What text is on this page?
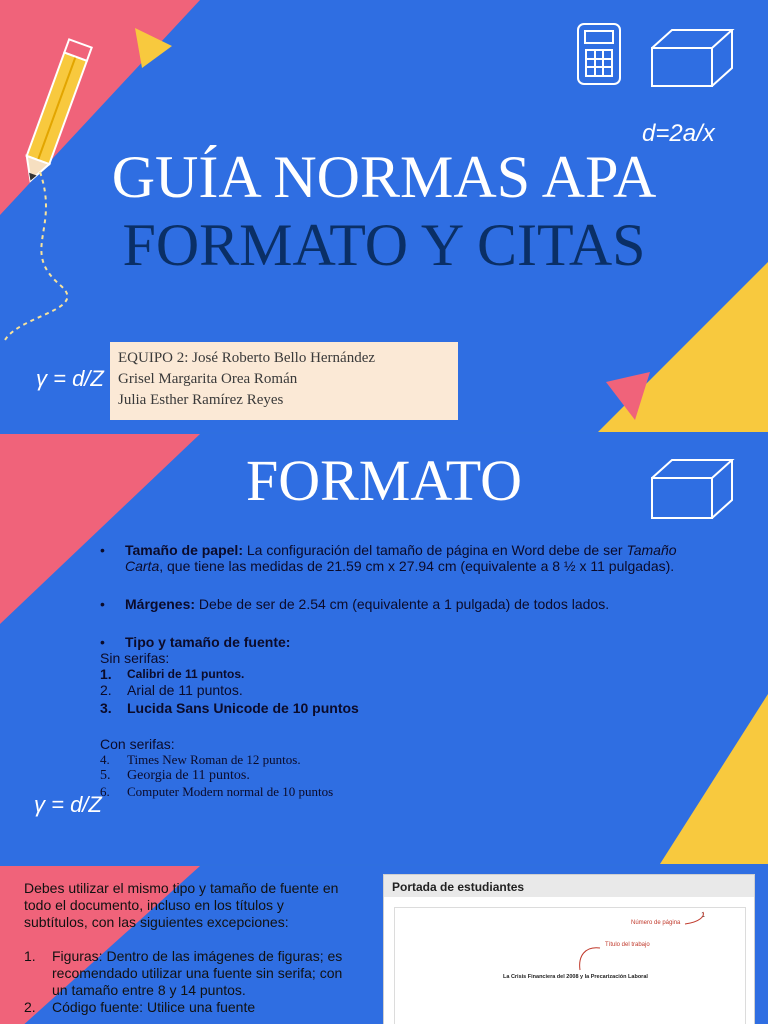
d=2a/x
γ = d/Z
GUÍA NORMAS APA
FORMATO Y CITAS
EQUIPO 2: José Roberto Bello Hernández
Grisel Margarita Orea Román
Julia Esther Ramírez Reyes
γ = d/Z
FORMATO

• Tamaño de papel: La configuración del tamaño de página en Word debe de ser Tamaño Carta, que tiene las medidas de 21.59 cm x 27.94 cm (equivalente a 8 ½ x 11 pulgadas).

• Márgenes: Debe de ser de 2.54 cm (equivalente a 1 pulgada) de todos lados.

• Tipo y tamaño de fuente:

Sin serifas:

1.	Calibri de 11 puntos.
2.	Arial de 11 puntos.
3.	Lucida Sans Unicode de 10 puntos

Con serifas:

4.	Times New Roman de 12 puntos.
5.	Georgia de 11 puntos.
6.	Computer Modern normal de 10 puntos

Debes utilizar el mismo tipo y tamaño de fuente en todo el documento, incluso en los títulos y subtítulos, con las siguientes excepciones:

1.	Figuras: Dentro de las imágenes de figuras; es recomendado utilizar una fuente sin serifa; con un tamaño entre 8 y 14 puntos.
2.	Código fuente: Utilice una fuente
Portada de estudiantes
1
Número de página
Título del trabajo
La Crisis Financiera del 2008 y la Precarización Laboral
